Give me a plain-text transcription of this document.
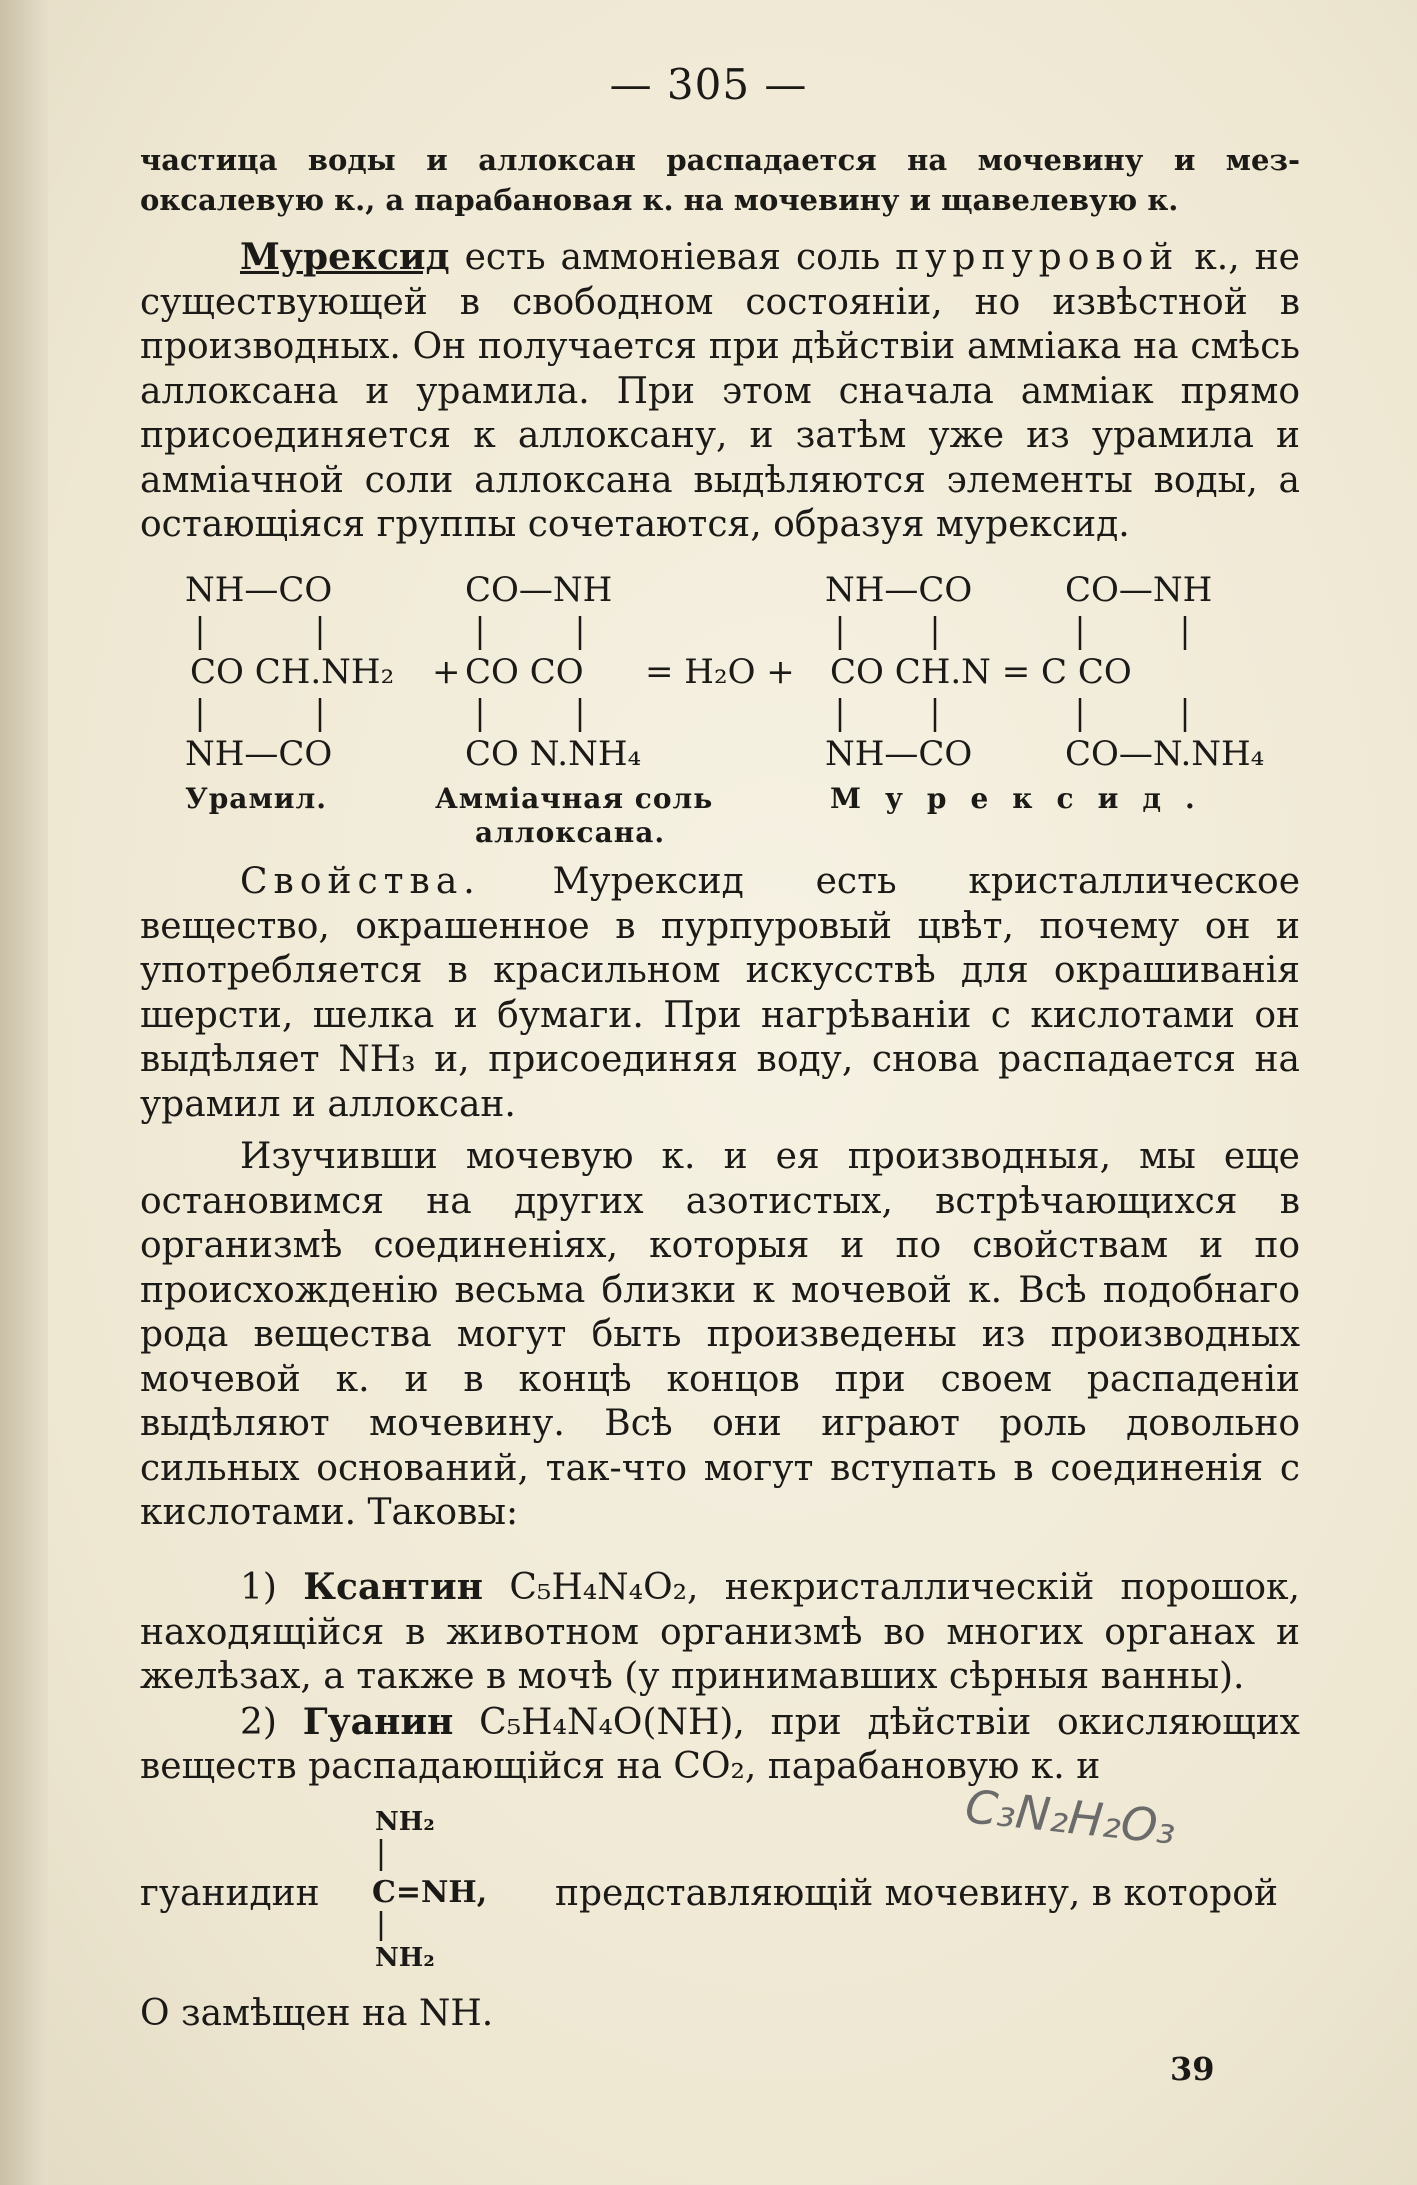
— 305 —

частица воды и аллоксан распадается на мочевину и мез-оксалевую к., а парабановая к. на мочевину и щавелевую к.

Мурексид есть аммонiевая соль пурпуровой к., не существующей в свободном состоянiи, но извѣстной в производных. Он получается при дѣйствiи амміака на смѣсь аллоксана и урамила. При этом сначала амміак прямо присоединяется к аллоксану, и затѣм уже из урамила и амміачной соли аллоксана выдѣляются элементы воды, а остающiяся группы сочетаются, образуя мурексид.

NH—CO
CO CH.NH₂
NH—CO
+
CO—NH
CO CO
CO N.NH₄
= H₂O +
NH—CO	CO—NH
CO CH.N = C CO
NH—CO	CO—N.NH₄
Урамил.	Амміачная соль
аллоксана.
Мурексид.

Свойства. Мурексид есть кристаллическое вещество, окрашенное в пурпуровый цвѣт, почему он и употребляется в красильном искусствѣ для окрашиванiя шерсти, шелка и бумаги. При нагрѣванiи с кислотами он выдѣляет NH₃ и, присоединяя воду, снова распадается на урамил и аллоксан.

Изучивши мочевую к. и ея производныя, мы еще остановимся на других азотистых, встрѣчающихся в организмѣ соединенiях, которыя и по свойствам и по происхожденiю весьма близки к мочевой к. Всѣ подобнаго рода вещества могут быть произведены из производных мочевой к. и в концѣ концов при своем распаденiи выдѣляют мочевину. Всѣ они играют роль довольно сильных оснований, так-что могут вступать в соединенiя с кислотами. Таковы:

1) Ксантин C₅H₄N₄O₂, некристаллическiй порошок, находящiйся в животном организмѣ во многих органах и желѣзах, а также в мочѣ (у принимавших сѣрныя ванны).

2) Гуанин C₅H₄N₄O(NH), при дѣйствiи окисляющих веществ распадающiйся на CO₂, парабановую к. и

гуанидин
NH₂
C=NH,
NH₂
представляющiй мочевину, в которой

O замѣщен на NH.

39
C₃N₂H₂O₃
